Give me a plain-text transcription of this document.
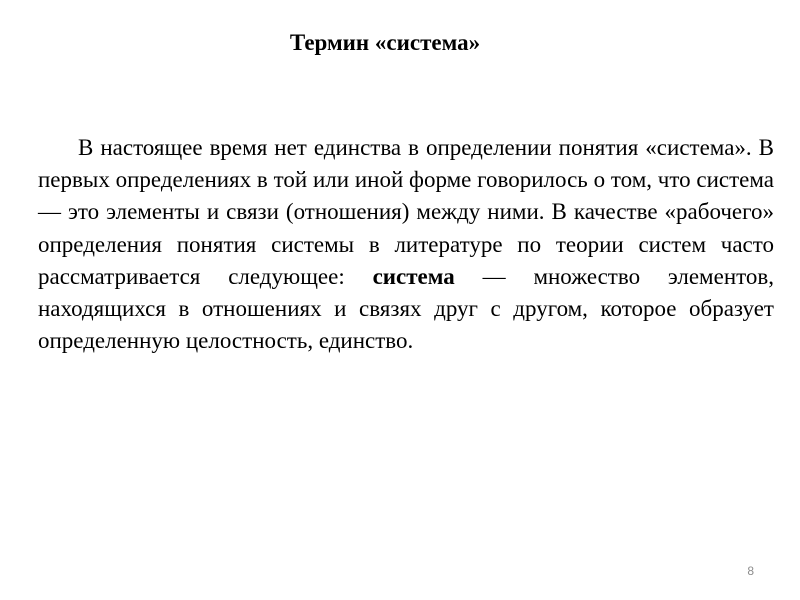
Термин «система»

В настоящее время нет единства в определении понятия «система». В первых определениях в той или иной форме говорилось о том, что система — это элементы и связи (отношения) между ними. В качестве «рабочего» определения понятия системы в литературе по теории систем часто рассматривается следующее: система — множество элементов, находящихся в отношениях и связях друг с другом, которое образует определенную целостность, единство.

8
